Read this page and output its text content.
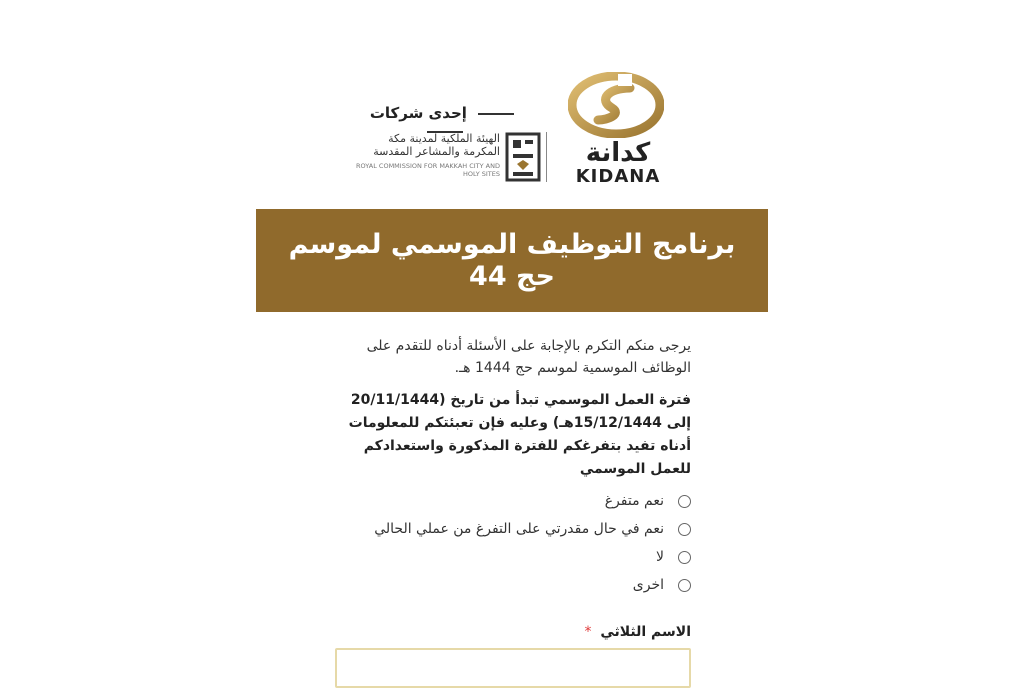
كدانة
KIDANA
الهيئة الملكية لمدينة مكة المكرمة والمشاعر المقدسة
ROYAL COMMISSION FOR MAKKAH CITY AND HOLY SITES
إحدى شركات
برنامج التوظيف الموسمي لموسم حج 44

يرجى منكم التكرم بالإجابة على الأسئلة أدناه للتقدم على الوظائف الموسمية لموسم حج 1444 هـ.

فترة العمل الموسمي تبدأ من تاريخ (20/11/1444 إلى 15/12/1444هـ) وعليه فإن تعبئتكم للمعلومات أدناه تفيد بتفرغكم للفترة المذكورة واستعدادكم للعمل الموسمي

نعم متفرغ
نعم في حال مقدرتي على التفرغ من عملي الحالي
لا
اخرى
الاسم الثلاثي *
